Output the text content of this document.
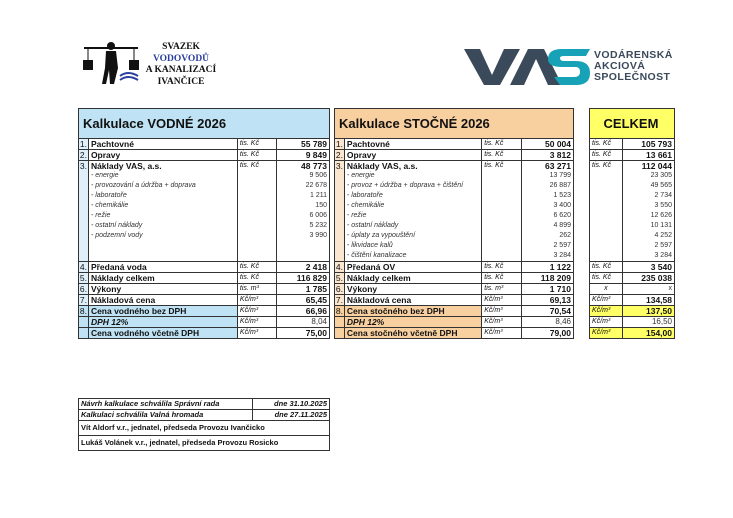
SVAZEK
VODOVODŮ
A KANALIZACÍ
IVANČICE
VODÁRENSKÁ
AKCIOVÁ
SPOLEČNOST
Kalkulace VODNÉ 2026			
1.	Pachtovné	tis. Kč	55 789
2.	Opravy	tis. Kč	9 849
3.	Náklady VAS, a.s.	tis. Kč	48 773
	- energie		9 506
	- provozování a údržba + doprava		22 678
	- laboratoře		1 211
	- chemikálie		150
	- režie		6 006
	- ostatní náklady		5 232
	- podzemní vody		3 990

4.	Předaná voda	tis. Kč	2 418
5.	Náklady celkem	tis. Kč	116 829
6.	Výkony	tis. m³	1 785
7.	Nákladová cena	Kč/m³	65,45
8.	Cena vodného bez DPH	Kč/m³	66,96
	DPH 12%	Kč/m³	8,04
	Cena vodného včetně DPH	Kč/m³	75,00
Kalkulace STOČNÉ 2026			
1.	Pachtovné	tis. Kč	50 004
2.	Opravy	tis. Kč	3 812
3.	Náklady VAS, a.s.	tis. Kč	63 271
	- energie		13 799
	- provoz + údržba + doprava + čištění		26 887
	- laboratoře		1 523
	- chemikálie		3 400
	- režie		6 620
	- ostatní náklady		4 899
	- úplaty za vypouštění		262
	- likvidace kalů		2 597
	- čištění kanalizace		3 284
4.	Předaná OV	tis. Kč	1 122
5.	Náklady celkem	tis. Kč	118 209
6.	Výkony	tis. m³	1 710
7.	Nákladová cena	Kč/m³	69,13
8.	Cena stočného bez DPH	Kč/m³	70,54
	DPH 12%	Kč/m³	8,46
	Cena stočného včetně DPH	Kč/m³	79,00
CELKEM	
tis. Kč	105 793
tis. Kč	13 661
tis. Kč	112 044
	23 305
	49 565
	2 734
	3 550
	12 626
	10 131
	4 252
	2 597
	3 284
tis. Kč	3 540
tis. Kč	235 038
x	x
Kč/m³	134,58
Kč/m³	137,50
Kč/m³	16,50
Kč/m³	154,00
Návrh kalkulace schválila Správní rada	dne 31.10.2025
Kalkulaci schválila Valná hromada	dne 27.11.2025
Vít Aldorf v.r., jednatel, předseda Provozu Ivančicko	
Lukáš Volánek v.r., jednatel, předseda Provozu Rosicko	
